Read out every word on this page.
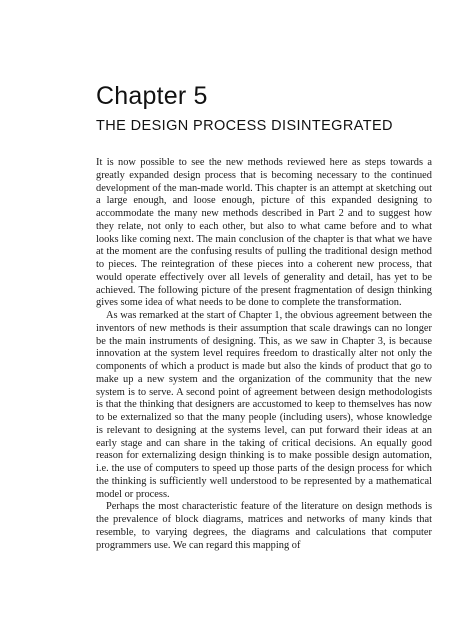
Chapter 5
THE DESIGN PROCESS DISINTEGRATED

It is now possible to see the new methods reviewed here as steps towards a greatly expanded design process that is becoming necessary to the continued development of the man-made world. This chapter is an attempt at sketching out a large enough, and loose enough, picture of this expanded designing to accommodate the many new methods described in Part 2 and to suggest how they relate, not only to each other, but also to what came before and to what looks like coming next. The main conclusion of the chapter is that what we have at the moment are the confusing results of pulling the traditional design method to pieces. The reintegration of these pieces into a coherent new process, that would operate effectively over all levels of generality and detail, has yet to be achieved. The following picture of the present fragmentation of design thinking gives some idea of what needs to be done to complete the transformation.

As was remarked at the start of Chapter 1, the obvious agreement between the inventors of new methods is their assumption that scale drawings can no longer be the main instruments of designing. This, as we saw in Chapter 3, is because innovation at the system level requires freedom to drastically alter not only the components of which a product is made but also the kinds of product that go to make up a new system and the organization of the community that the new system is to serve. A second point of agreement between design methodologists is that the thinking that designers are accustomed to keep to themselves has now to be externalized so that the many people (including users), whose knowledge is relevant to designing at the systems level, can put forward their ideas at an early stage and can share in the taking of critical decisions. An equally good reason for externalizing design thinking is to make possible design automation, i.e. the use of computers to speed up those parts of the design process for which the thinking is sufficiently well understood to be represented by a mathematical model or process.

Perhaps the most characteristic feature of the literature on design methods is the prevalence of block diagrams, matrices and networks of many kinds that resemble, to varying degrees, the diagrams and calculations that computer programmers use. We can regard this mapping of
